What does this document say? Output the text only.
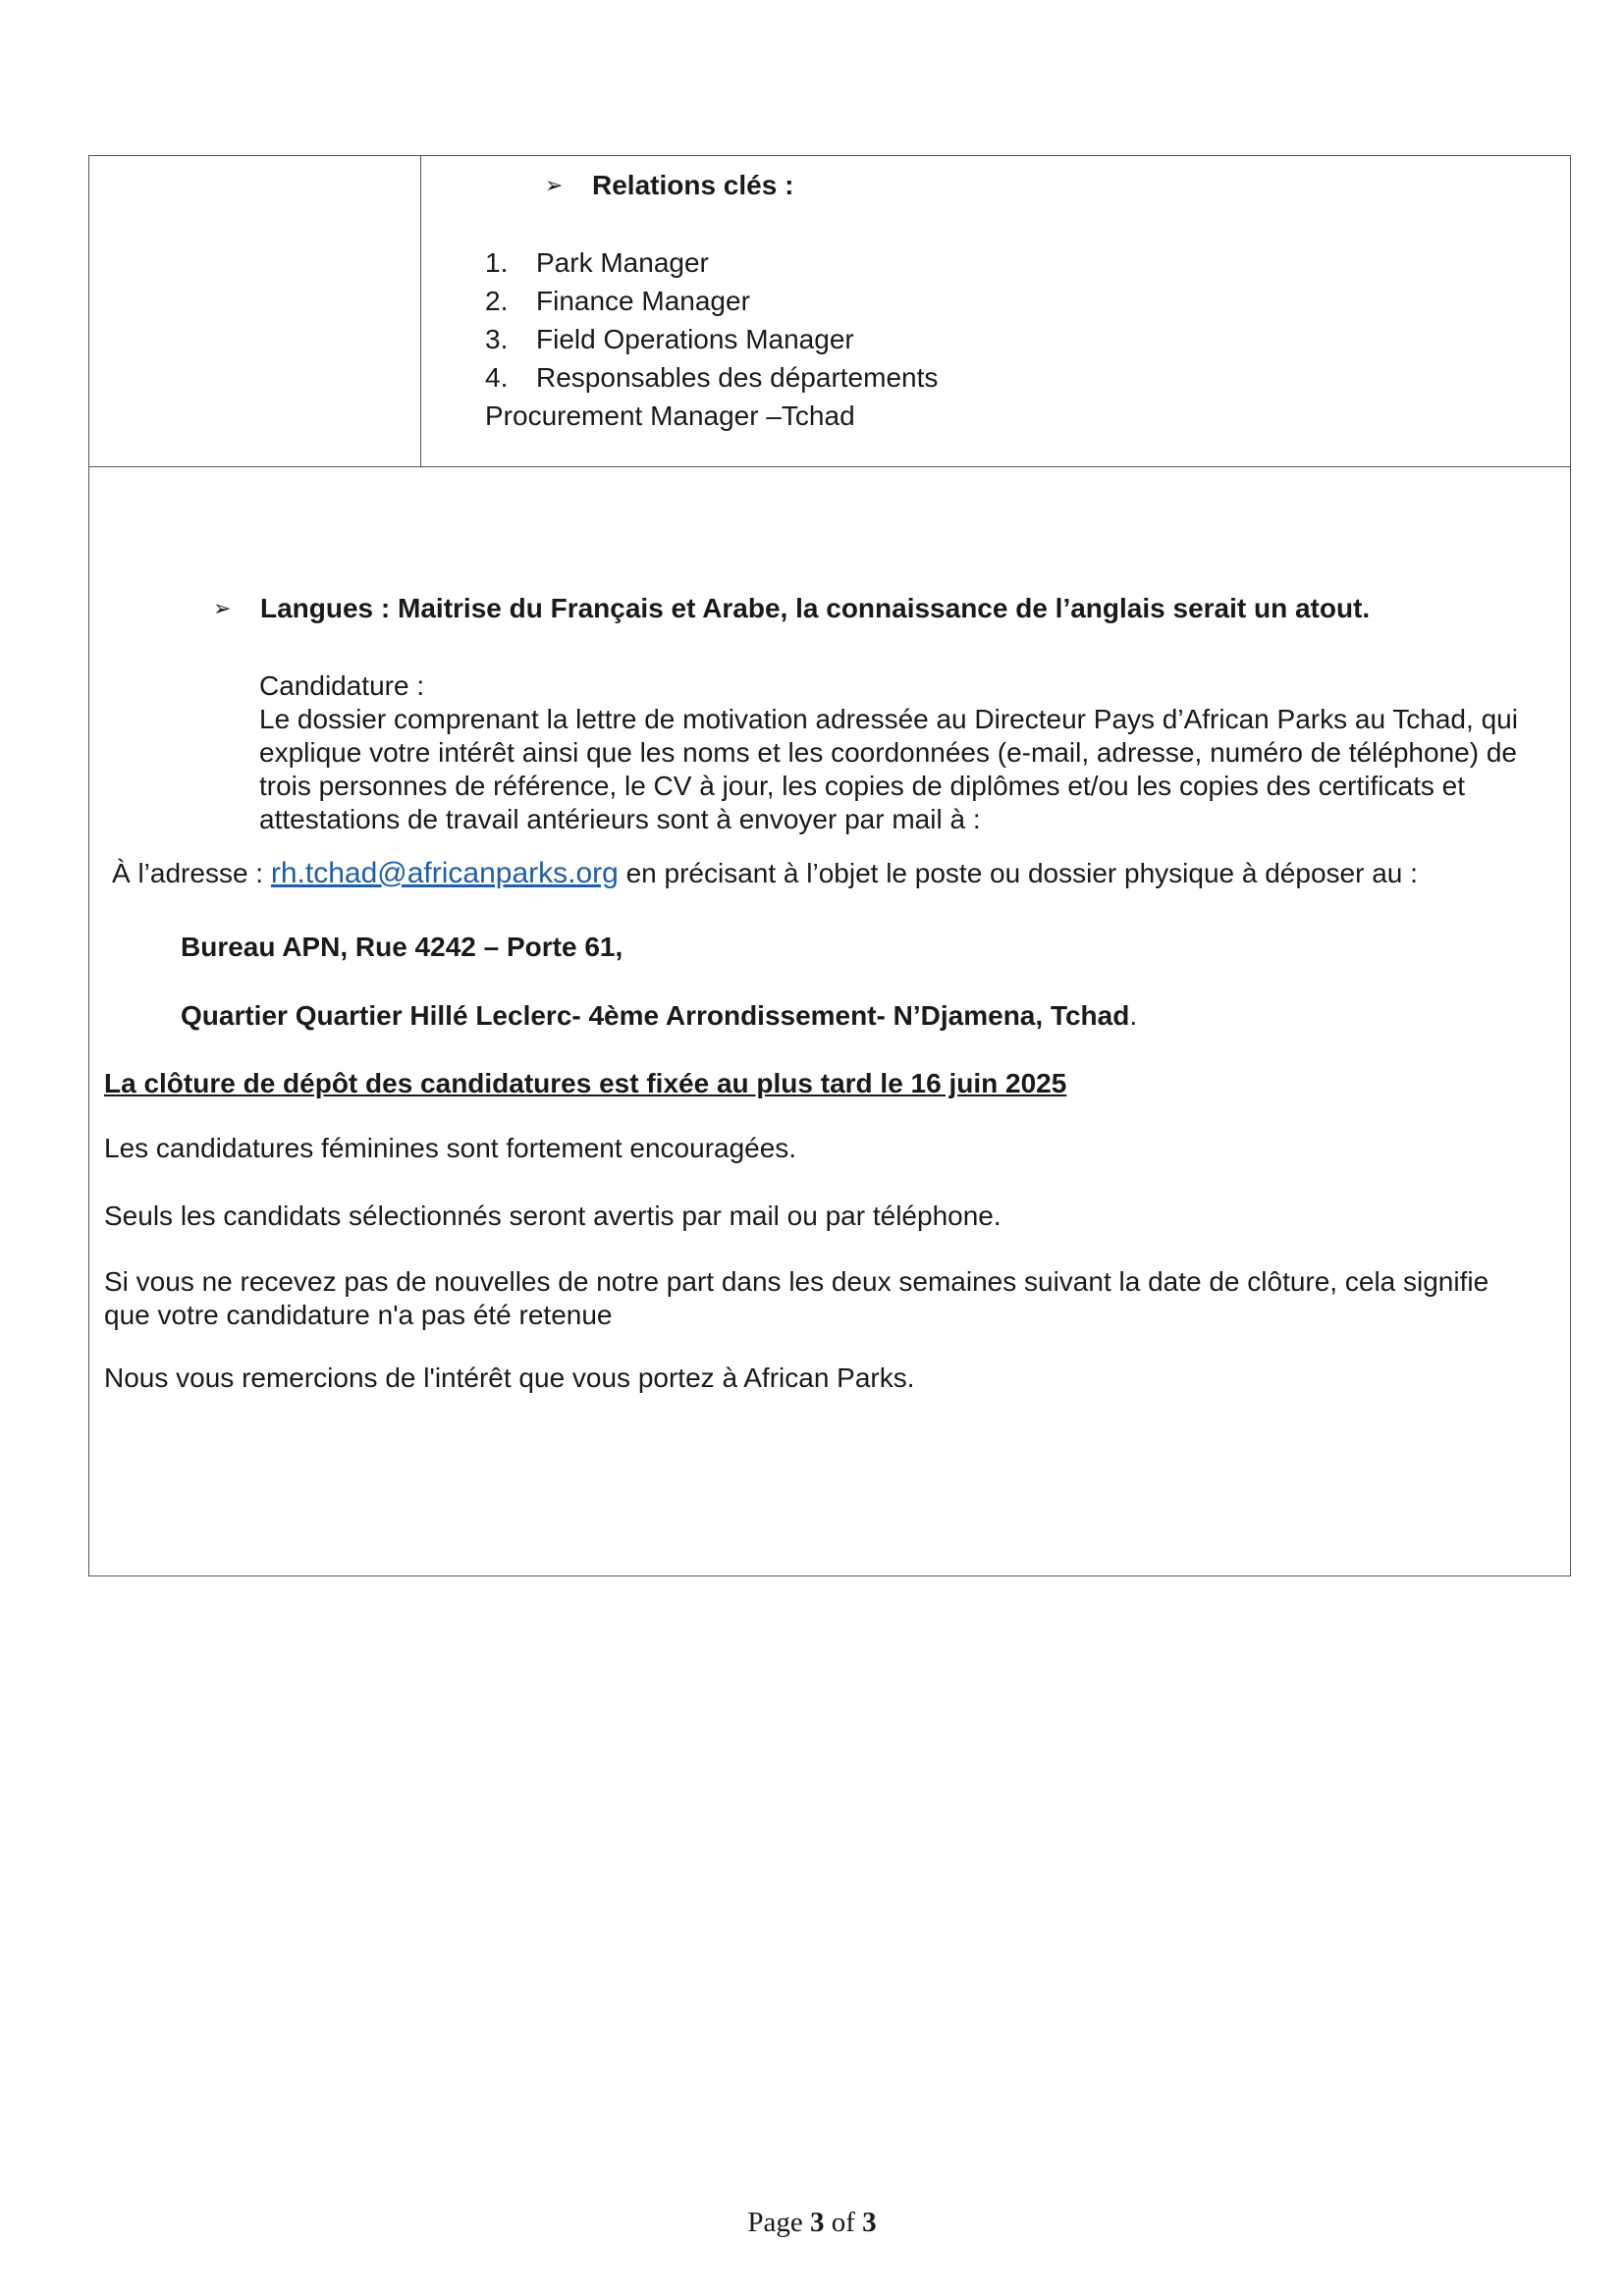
➢ Relations clés :
1. Park Manager
2. Finance Manager
3. Field Operations Manager
4. Responsables des départements
Procurement Manager –Tchad
➢ Langues : Maitrise du Français et Arabe, la connaissance de l’anglais serait un atout.
Candidature :
Le dossier comprenant la lettre de motivation adressée au Directeur Pays d’African Parks au Tchad, qui explique votre intérêt ainsi que les noms et les coordonnées (e-mail, adresse, numéro de téléphone) de trois personnes de référence, le CV à jour, les copies de diplômes et/ou les copies des certificats et attestations de travail antérieurs sont à envoyer par mail à :
À l’adresse : rh.tchad@africanparks.org en précisant à l’objet le poste ou dossier physique à déposer au :
Bureau APN, Rue 4242 – Porte 61,
Quartier Quartier Hillé Leclerc- 4ème Arrondissement- N’Djamena, Tchad.
La clôture de dépôt des candidatures est fixée au plus tard le 16 juin 2025
Les candidatures féminines sont fortement encouragées.
Seuls les candidats sélectionnés seront avertis par mail ou par téléphone.
Si vous ne recevez pas de nouvelles de notre part dans les deux semaines suivant la date de clôture, cela signifie que votre candidature n'a pas été retenue
Nous vous remercions de l'intérêt que vous portez à African Parks.
Page 3 of 3
